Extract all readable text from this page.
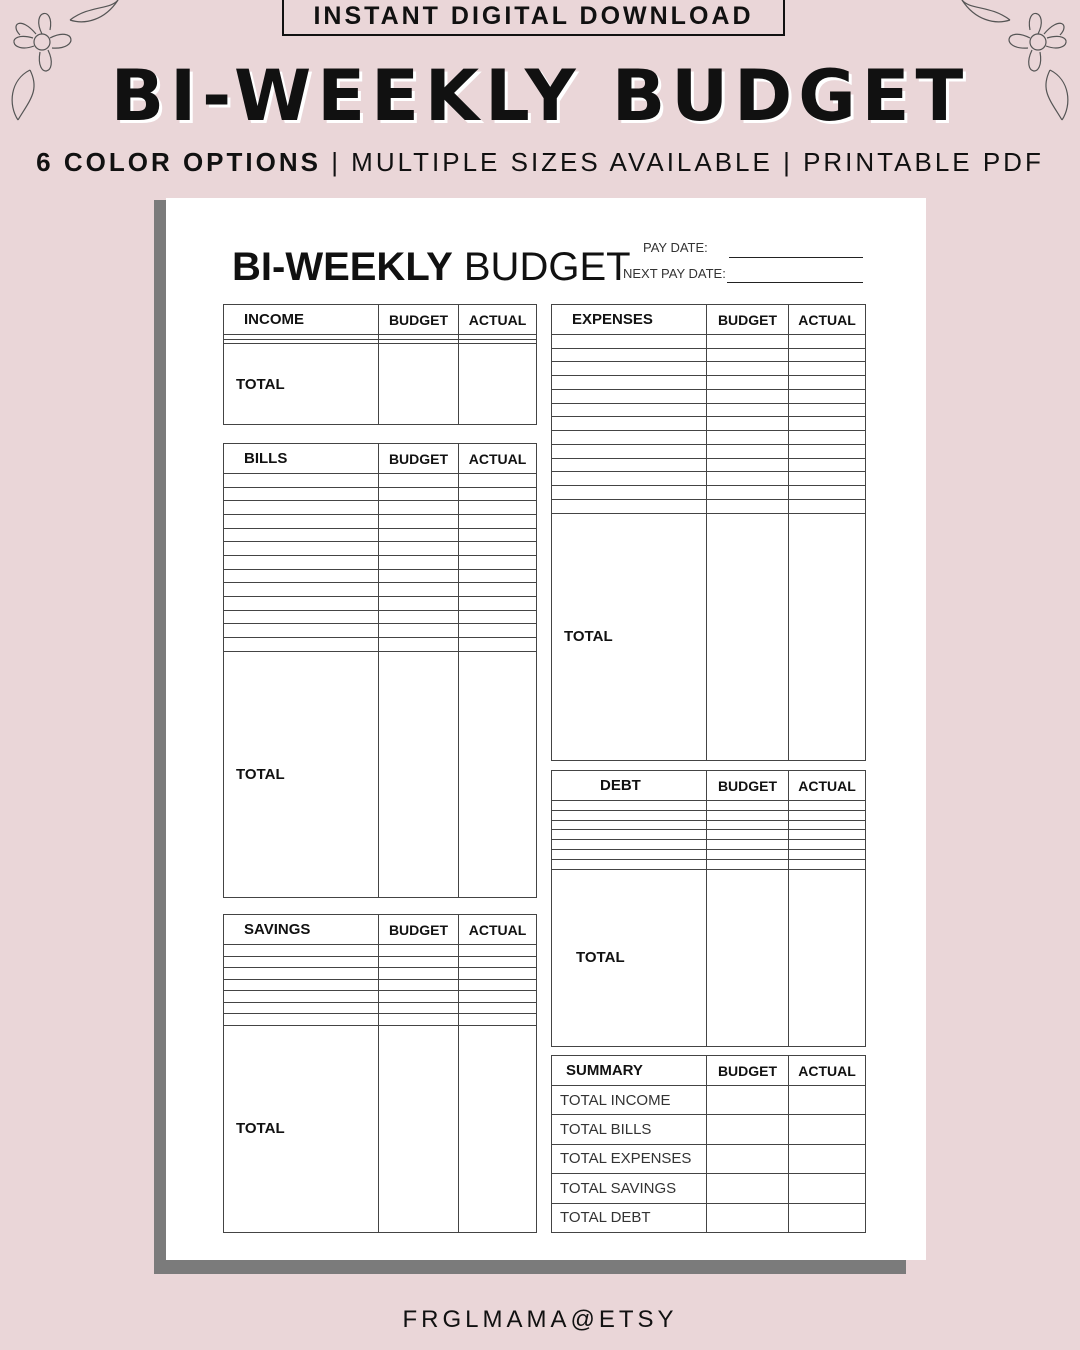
INSTANT DIGITAL DOWNLOAD
BI-WEEKLY BUDGET
6 COLOR OPTIONS | MULTIPLE SIZES AVAILABLE | PRINTABLE PDF
BI-WEEKLY BUDGET PAY DATE:
NEXT PAY DATE:
INCOME	BUDGET	ACTUAL

TOTAL		
BILLS	BUDGET	ACTUAL

TOTAL		
SAVINGS	BUDGET	ACTUAL

TOTAL		
EXPENSES	BUDGET	ACTUAL

TOTAL		
DEBT	BUDGET	ACTUAL

TOTAL		
SUMMARY	BUDGET	ACTUAL
TOTAL INCOME		
TOTAL BILLS		
TOTAL EXPENSES		
TOTAL SAVINGS		
TOTAL DEBT		
FRGLMAMA@ETSY
